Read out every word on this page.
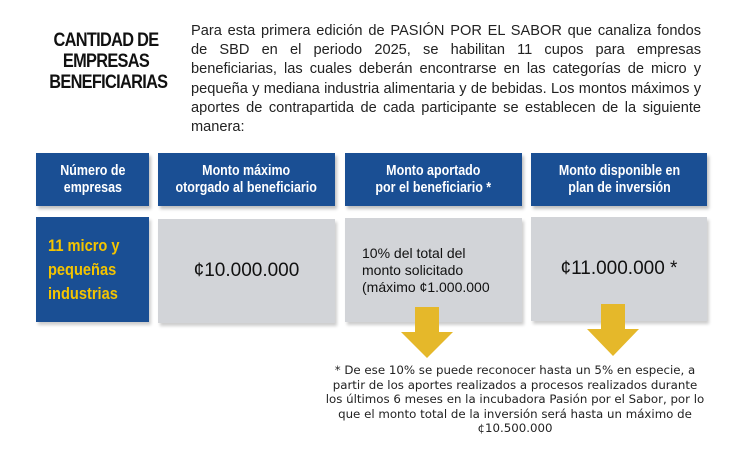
CANTIDAD DE EMPRESAS BENEFICIARIAS
Para esta primera edición de PASIÓN POR EL SABOR que canaliza fondos de SBD en el periodo 2025, se habilitan 11 cupos para empresas beneficiarias, las cuales deberán encontrarse en las categorías de micro y pequeña y mediana industria alimentaria y de bebidas. Los montos máximos y aportes de contrapartida de cada participante se establecen de la siguiente manera:
Número de
empresas
Monto máximo
otorgado al beneficiario
Monto aportado
por el beneficiario *
Monto disponible en
plan de inversión
11 micro y
pequeñas
industrias
¢10.000.000
10% del total del
monto solicitado
(máximo ¢1.000.000
¢11.000.000 *
* De ese 10% se puede reconocer hasta un 5% en especie, a partir de los aportes realizados a procesos realizados durante los últimos 6 meses en la incubadora Pasión por el Sabor, por lo que el monto total de la inversión será hasta un máximo de ¢10.500.000
